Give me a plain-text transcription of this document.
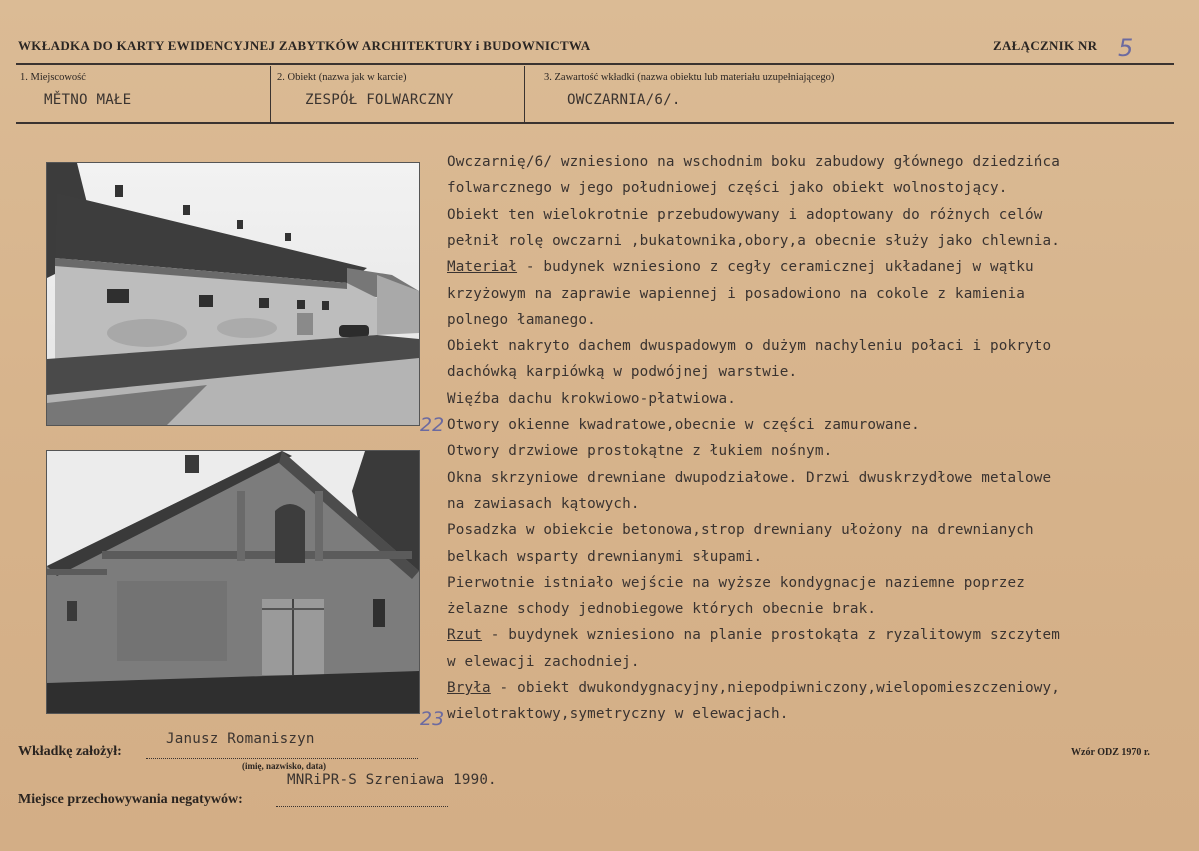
WKŁADKA DO KARTY EWIDENCYJNEJ ZABYTKÓW ARCHITEKTURY i BUDOWNICTWA	ZAŁĄCZNIK NR 5
1. Miejscowość
MĚTNO MAŁE
2. Obiekt (nazwa jak w karcie)
ZESPÓŁ FOLWARCZNY
3. Zawartość wkładki (nazwa obiektu lub materiału uzupełniającego)
OWCZARNIA/6/.
22
23
Owczarnię/6/ wzniesiono na wschodnim boku zabudowy głównego dziedzińca
folwarcznego w jego południowej części jako obiekt wolnostojący.
Obiekt ten wielokrotnie przebudowywany i adoptowany do różnych celów
pełnił rolę owczarni ,bukatownika,obory,a obecnie służy jako chlewnia.
Materiał - budynek wzniesiono z cegły ceramicznej układanej w wątku
krzyżowym na zaprawie wapiennej i posadowiono na cokole z kamienia
polnego łamanego.
Obiekt nakryto dachem dwuspadowym o dużym nachyleniu połaci i pokryto
dachówką karpiówką w podwójnej warstwie.
Więźba dachu krokwiowo-płatwiowa.
Otwory okienne kwadratowe,obecnie w części zamurowane.
Otwory drzwiowe prostokątne z łukiem nośnym.
Okna skrzyniowe drewniane dwupodziałowe. Drzwi dwuskrzydłowe metalowe
na zawiasach kątowych.
Posadzka w obiekcie betonowa,strop drewniany ułożony na drewnianych
belkach wsparty drewnianymi słupami.
Pierwotnie istniało wejście na wyższe kondygnacje naziemne poprzez
żelazne schody jednobiegowe których obecnie brak.
Rzut - buydynek wzniesiono na planie prostokąta z ryzalitowym szczytem
w elewacji zachodniej.
Bryła - obiekt dwukondygnacyjny,niepodpiwniczony,wielopomieszczeniowy,
wielotraktowy,symetryczny w elewacjach.
Janusz Romaniszyn
Wkładkę założył:
(imię, nazwisko, data)
MNRiPR-S Szreniawa 1990.
Miejsce przechowywania negatywów:
Wzór ODZ 1970 r.
